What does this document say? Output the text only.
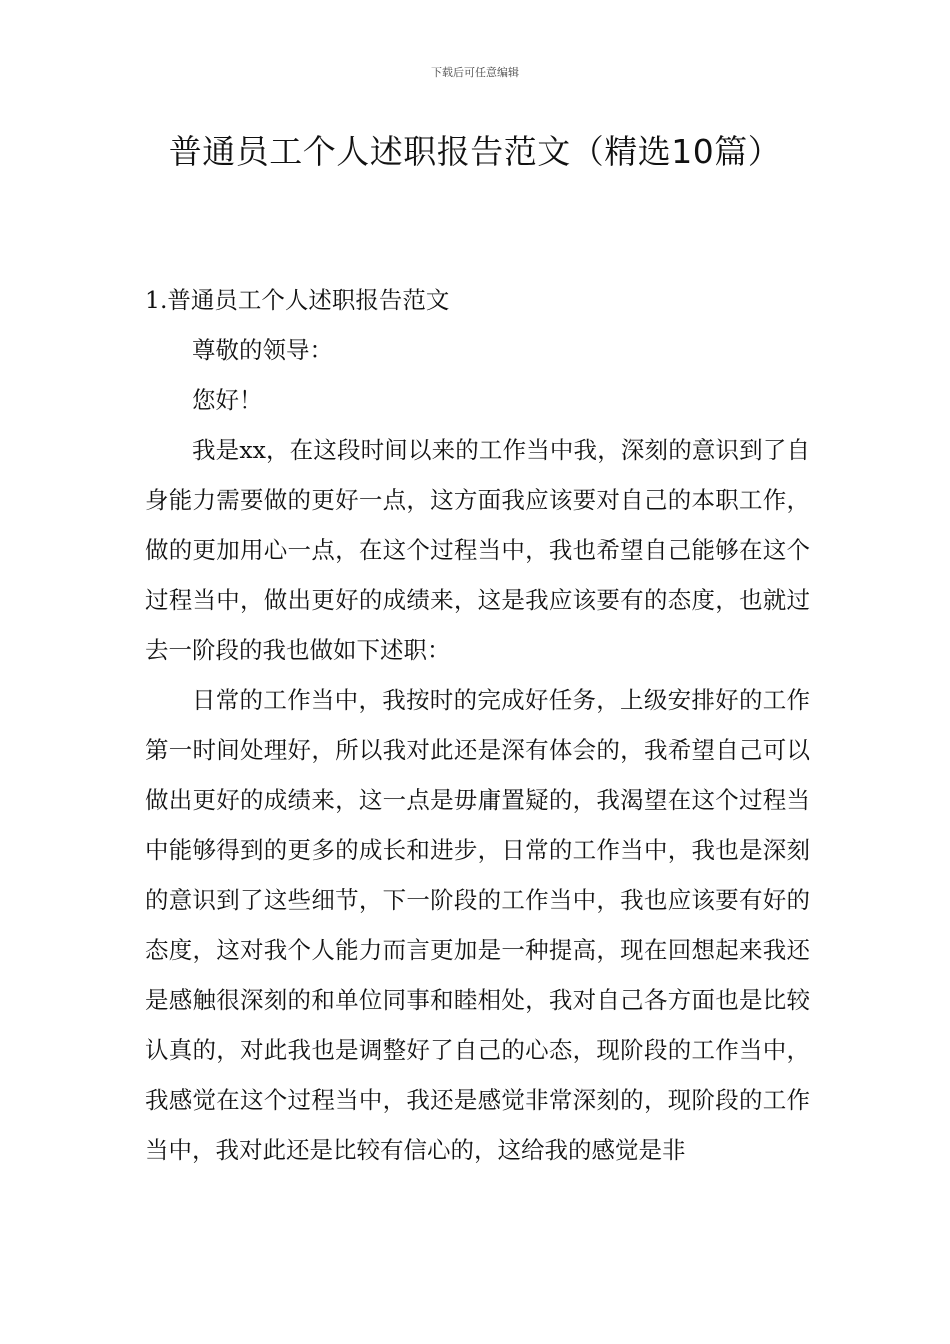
下载后可任意编辑
普通员工个人述职报告范文（精选10篇）

1.普通员工个人述职报告范文

尊敬的领导：

您好！

我是xx，在这段时间以来的工作当中我，深刻的意识到了自身能力需要做的更好一点，这方面我应该要对自己的本职工作，做的更加用心一点，在这个过程当中，我也希望自己能够在这个过程当中，做出更好的成绩来，这是我应该要有的态度，也就过去一阶段的我也做如下述职：

日常的工作当中，我按时的完成好任务，上级安排好的工作第一时间处理好，所以我对此还是深有体会的，我希望自己可以做出更好的成绩来，这一点是毋庸置疑的，我渴望在这个过程当中能够得到的更多的成长和进步，日常的工作当中，我也是深刻的意识到了这些细节，下一阶段的工作当中，我也应该要有好的态度，这对我个人能力而言更加是一种提高，现在回想起来我还是感触很深刻的和单位同事和睦相处，我对自己各方面也是比较认真的，对此我也是调整好了自己的心态，现阶段的工作当中，我感觉在这个过程当中，我还是感觉非常深刻的，现阶段的工作当中，我对此还是比较有信心的，这给我的感觉是非
